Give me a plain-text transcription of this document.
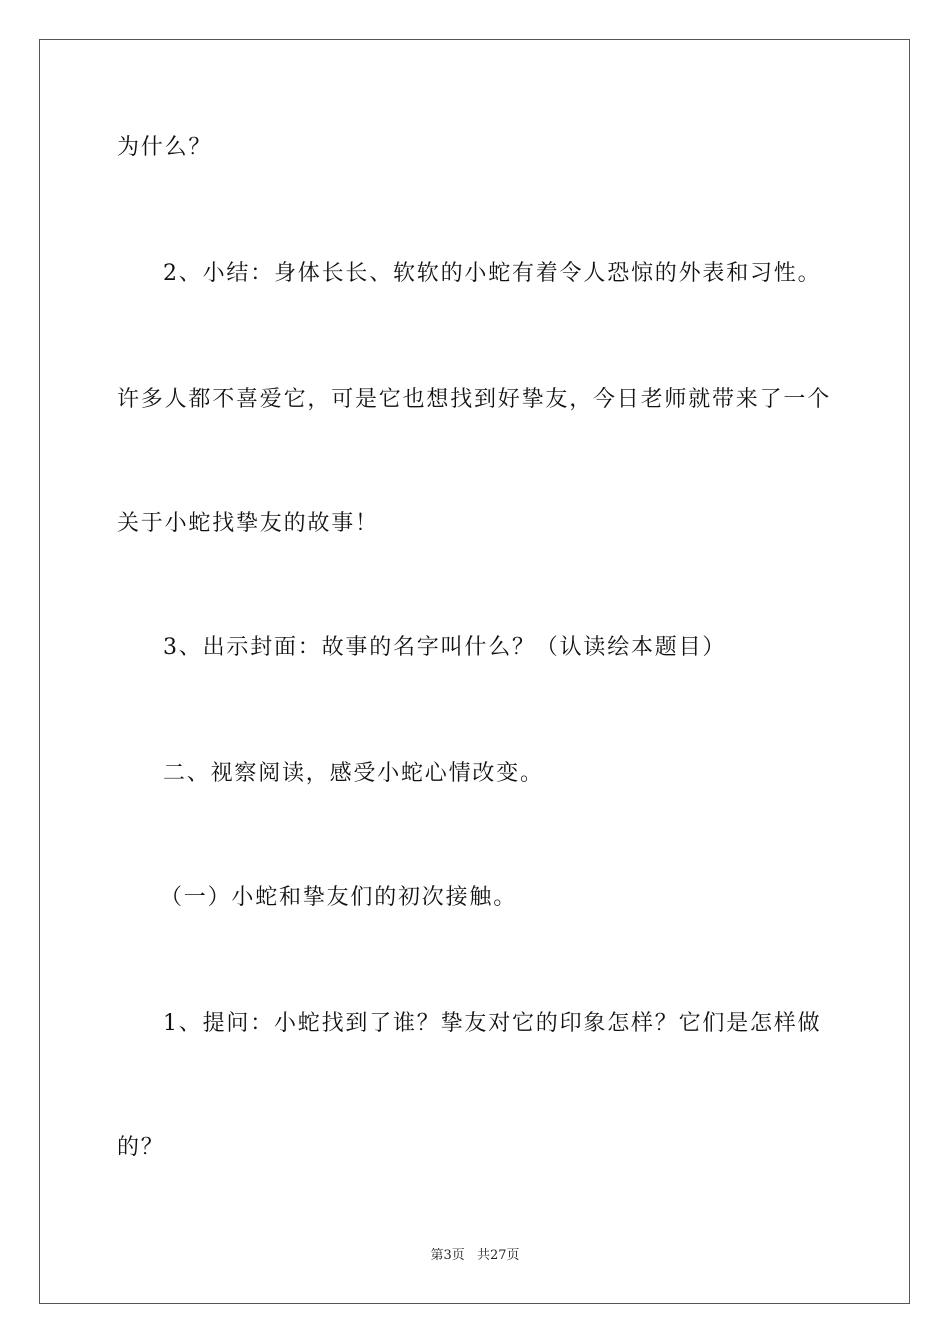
为什么？
2、小结：身体长长、软软的小蛇有着令人恐惊的外表和习性。
许多人都不喜爱它，可是它也想找到好挚友，今日老师就带来了一个
关于小蛇找挚友的故事！
3、出示封面：故事的名字叫什么？（认读绘本题目）
二、视察阅读，感受小蛇心情改变。
（一）小蛇和挚友们的初次接触。
1、提问：小蛇找到了谁？挚友对它的印象怎样？它们是怎样做
的？
第3页 共27页
